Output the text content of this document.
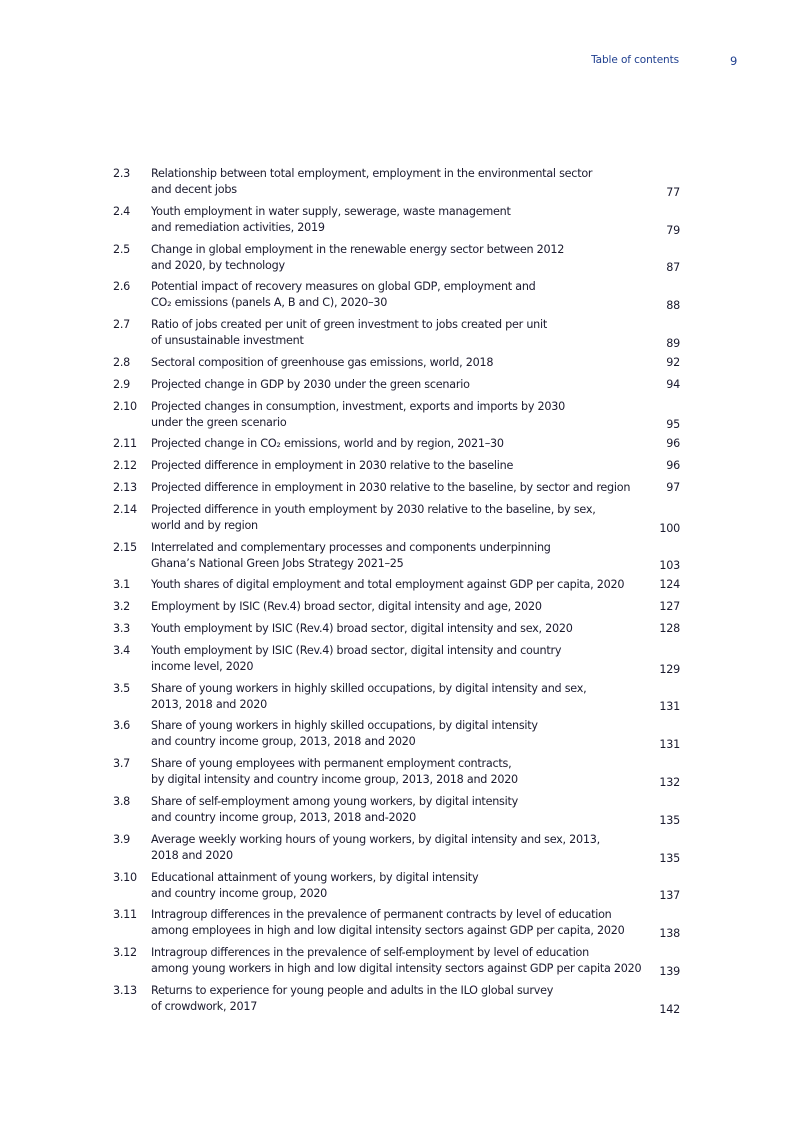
Table of contents	9
2.3	Relationship between total employment, employment in the environmental sector
and decent jobs	77
2.4	Youth employment in water supply, sewerage, waste management
and remediation activities, 2019	79
2.5	Change in global employment in the renewable energy sector between 2012
and 2020, by technology	87
2.6	Potential impact of recovery measures on global GDP, employment and
CO₂ emissions (panels A, B and C), 2020–30	88
2.7	Ratio of jobs created per unit of green investment to jobs created per unit
of unsustainable investment	89
2.8	Sectoral composition of greenhouse gas emissions, world, 2018	92
2.9	Projected change in GDP by 2030 under the green scenario	94
2.10	Projected changes in consumption, investment, exports and imports by 2030
under the green scenario	95
2.11	Projected change in CO₂ emissions, world and by region, 2021–30	96
2.12	Projected difference in employment in 2030 relative to the baseline	96
2.13	Projected difference in employment in 2030 relative to the baseline, by sector and region	97
2.14	Projected difference in youth employment by 2030 relative to the baseline, by sex,
world and by region	100
2.15	Interrelated and complementary processes and components underpinning
Ghana’s National Green Jobs Strategy 2021–25	103
3.1	Youth shares of digital employment and total employment against GDP per capita, 2020	124
3.2	Employment by ISIC (Rev.4) broad sector, digital intensity and age, 2020	127
3.3	Youth employment by ISIC (Rev.4) broad sector, digital intensity and sex, 2020	128
3.4	Youth employment by ISIC (Rev.4) broad sector, digital intensity and country
income level, 2020	129
3.5	Share of young workers in highly skilled occupations, by digital intensity and sex,
2013, 2018 and 2020	131
3.6	Share of young workers in highly skilled occupations, by digital intensity
and country income group, 2013, 2018 and 2020	131
3.7	Share of young employees with permanent employment contracts,
by digital intensity and country income group, 2013, 2018 and 2020	132
3.8	Share of self-employment among young workers, by digital intensity
and country income group, 2013, 2018 and-2020	135
3.9	Average weekly working hours of young workers, by digital intensity and sex, 2013,
2018 and 2020	135
3.10	Educational attainment of young workers, by digital intensity
and country income group, 2020	137
3.11	Intragroup differences in the prevalence of permanent contracts by level of education
among employees in high and low digital intensity sectors against GDP per capita, 2020	138
3.12	Intragroup differences in the prevalence of self-employment by level of education
among young workers in high and low digital intensity sectors against GDP per capita 2020	139
3.13	Returns to experience for young people and adults in the ILO global survey
of crowdwork, 2017	142
